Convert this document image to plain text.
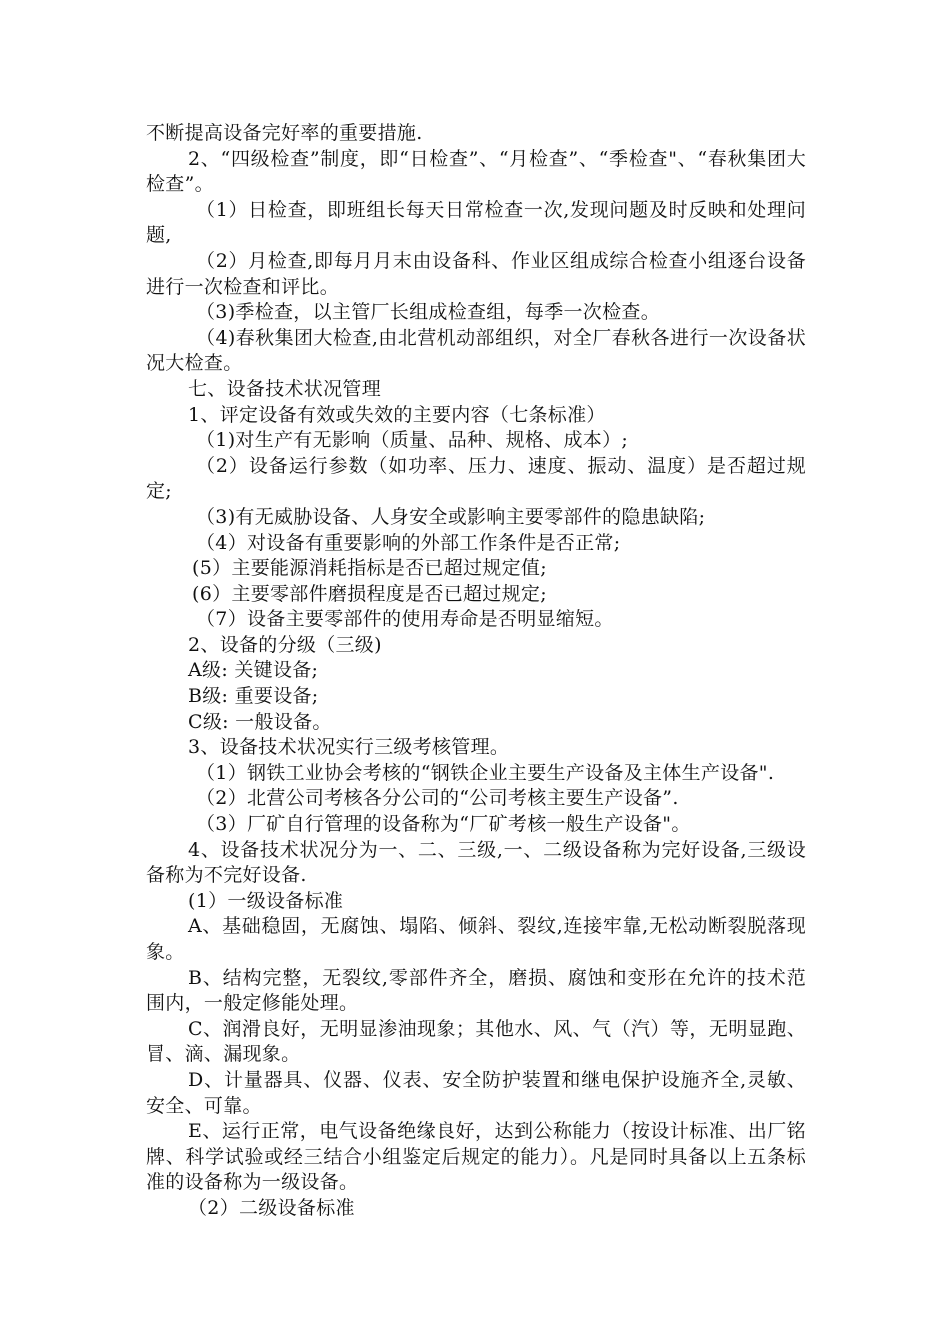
不断提高设备完好率的重要措施.

2、“四级检查”制度，即“日检查”、“月检查”、“季检查"、“春秋集团大检查”。

（1）日检查，即班组长每天日常检查一次,发现问题及时反映和处理问题,

（2）月检查,即每月月末由设备科、作业区组成综合检查小组逐台设备进行一次检查和评比。

（3)季检查，以主管厂长组成检查组，每季一次检查。

（4)春秋集团大检查,由北营机动部组织，对全厂春秋各进行一次设备状况大检查。

七、设备技术状况管理

1、评定设备有效或失效的主要内容（七条标准）

（1)对生产有无影响（质量、品种、规格、成本）;

（2）设备运行参数（如功率、压力、速度、振动、温度）是否超过规定;

（3)有无威胁设备、人身安全或影响主要零部件的隐患缺陷;

（4）对设备有重要影响的外部工作条件是否正常;

(5）主要能源消耗指标是否已超过规定值;

(6）主要零部件磨损程度是否已超过规定;

（7）设备主要零部件的使用寿命是否明显缩短。

2、设备的分级（三级)

A级: 关键设备;

B级: 重要设备;

C级: 一般设备。

3、设备技术状况实行三级考核管理。

（1）钢铁工业协会考核的“钢铁企业主要生产设备及主体生产设备".

（2）北营公司考核各分公司的“公司考核主要生产设备”.

（3）厂矿自行管理的设备称为“厂矿考核一般生产设备"。

4、设备技术状况分为一、二、三级,一、二级设备称为完好设备,三级设备称为不完好设备.

(1）一级设备标准

A、基础稳固，无腐蚀、塌陷、倾斜、裂纹,连接牢靠,无松动断裂脱落现象。

B、结构完整，无裂纹,零部件齐全，磨损、腐蚀和变形在允许的技术范围内，一般定修能处理。

C、润滑良好，无明显渗油现象；其他水、风、气（汽）等，无明显跑、冒、滴、漏现象。

D、计量器具、仪器、仪表、安全防护装置和继电保护设施齐全,灵敏、安全、可靠。

E、运行正常，电气设备绝缘良好，达到公称能力（按设计标准、出厂铭牌、科学试验或经三结合小组鉴定后规定的能力）。凡是同时具备以上五条标准的设备称为一级设备。

（2）二级设备标准
